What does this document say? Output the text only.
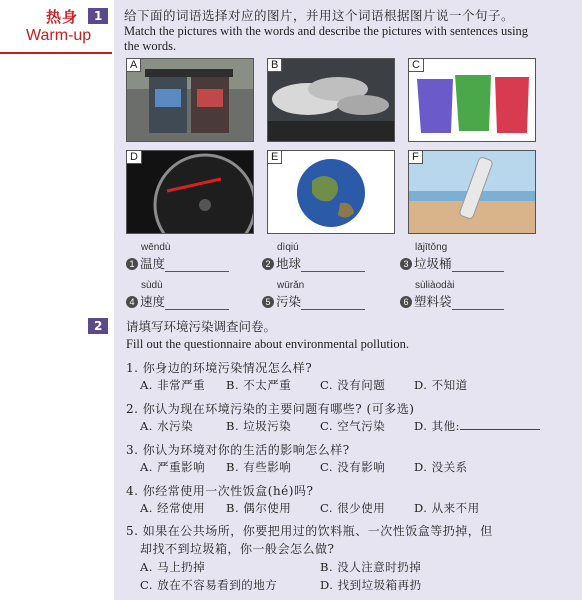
热身	1
Warm-up
给下面的词语选择对应的图片，并用这个词语根据图片说一个句子。
Match the pictures with the words and describe the pictures with sentences using the words.
A	B	C
D	E	F
wēndù
1 温度
dìqiú
2 地球
lājītǒng
3 垃圾桶
sùdù
4 速度
wūrǎn
5 污染
sùliàodài
6 塑料袋
2	请填写环境污染调查问卷。
Fill out the questionnaire about environmental pollution.
1. 你身边的环境污染情况怎么样?
A. 非常严重 B. 不太严重 C. 没有问题	D. 不知道
2. 你认为现在环境污染的主要问题有哪些? (可多选)
A. 水污染	B. 垃圾污染 C. 空气污染	D. 其他:
3. 你认为环境对你的生活的影响怎么样?
A. 严重影响 B. 有些影响 C. 没有影响	D. 没关系
4. 你经常使用一次性饭盒(hé)吗?
A. 经常使用 B. 偶尔使用 C. 很少使用	D. 从来不用
5. 如果在公共场所，你要把用过的饮料瓶、一次性饭盒等扔掉，但
却找不到垃圾箱，你一般会怎么做?
A. 马上扔掉	B. 没人注意时扔掉
C. 放在不容易看到的地方	D. 找到垃圾箱再扔
